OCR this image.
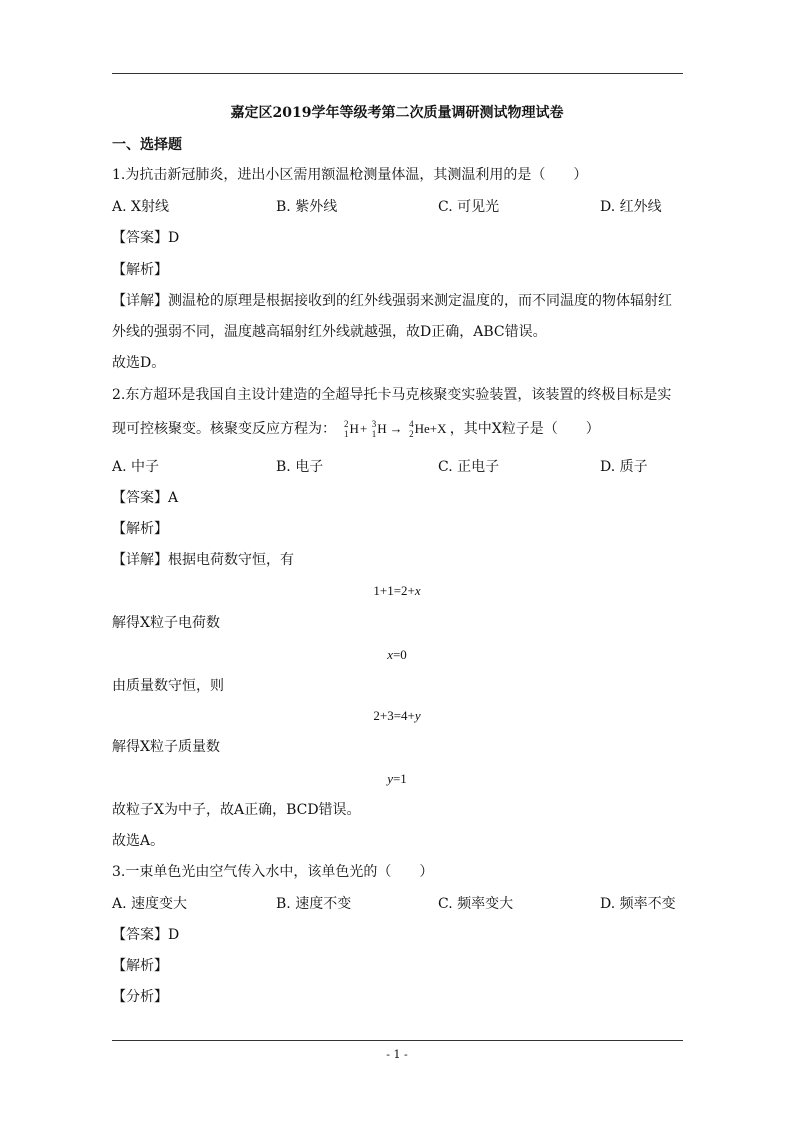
嘉定区2019学年等级考第二次质量调研测试物理试卷
一、选择题
1.为抗击新冠肺炎，进出小区需用额温枪测量体温，其测温利用的是（　　）
A. X射线	B. 紫外线	C. 可见光	D. 红外线
【答案】D
【解析】
【详解】测温枪的原理是根据接收到的红外线强弱来测定温度的，而不同温度的物体辐射红
外线的强弱不同，温度越高辐射红外线就越强，故D正确，ABC错误。
故选D。
2.东方超环是我国自主设计建造的全超导托卡马克核聚变实验装置，该装置的终极目标是实
现可控核聚变。核聚变反应方程为： 2
1 H+ 3
1 H → 4
2 He+X ，其中X粒子是（　　）
A. 中子	B. 电子	C. 正电子	D. 质子
【答案】A
【解析】
【详解】根据电荷数守恒，有
1+1=2+x
解得X粒子电荷数
x=0
由质量数守恒，则
2+3=4+y
解得X粒子质量数
y=1
故粒子X为中子，故A正确，BCD错误。
故选A。
3.一束单色光由空气传入水中，该单色光的（　　）
A. 速度变大	B. 速度不变	C. 频率变大	D. 频率不变
【答案】D
【解析】
【分析】
- 1 -
